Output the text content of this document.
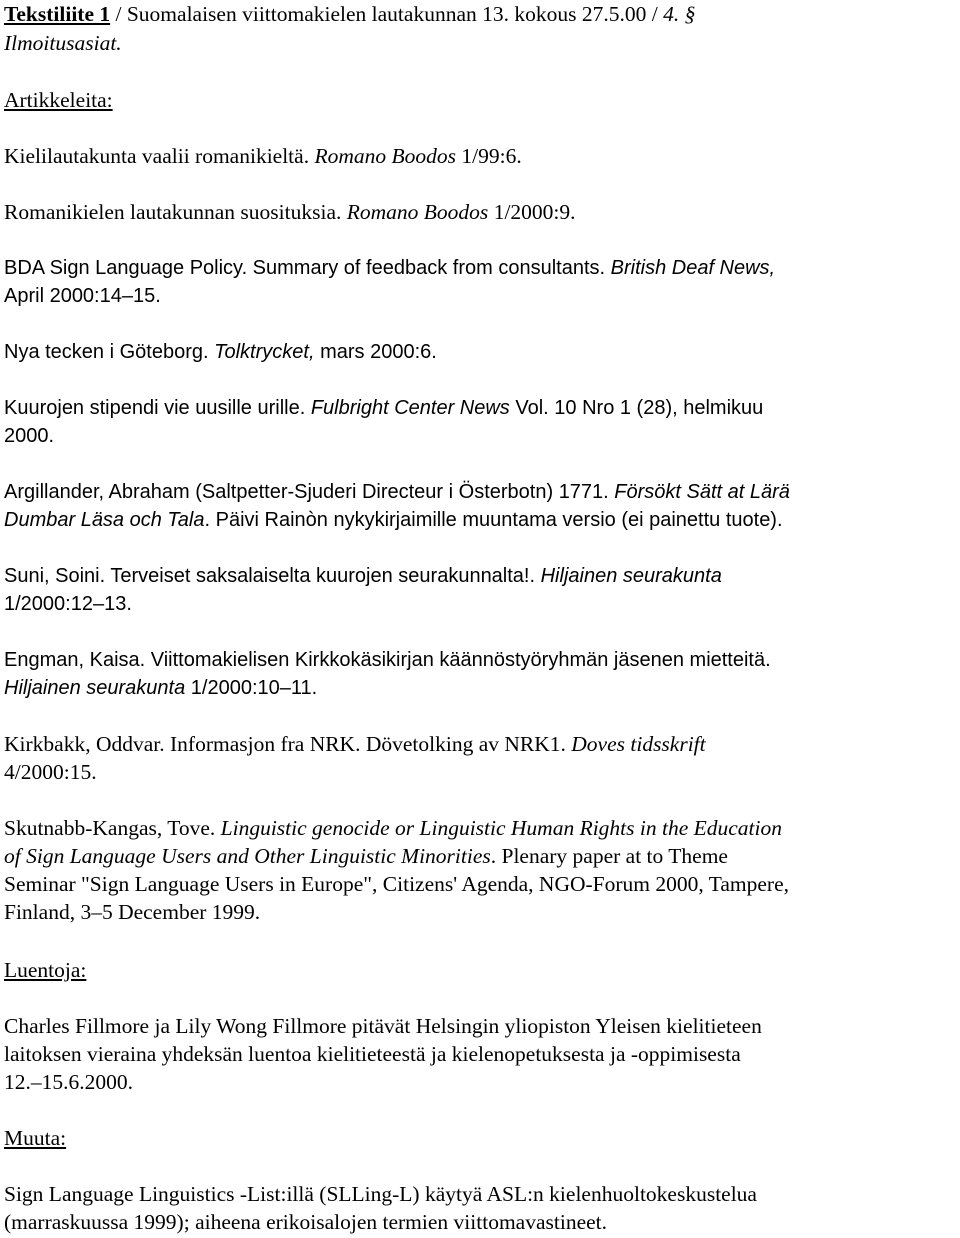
Tekstiliite 1 / Suomalaisen viittomakielen lautakunnan 13. kokous 27.5.00 / 4. §

Ilmoitusasiat.

Artikkeleita:

Kielilautakunta vaalii romanikieltä. Romano Boodos 1/99:6.

Romanikielen lautakunnan suosituksia. Romano Boodos 1/2000:9.

BDA Sign Language Policy. Summary of feedback from consultants. British Deaf News,

April 2000:14–15.

Nya tecken i Göteborg. Tolktrycket, mars 2000:6.

Kuurojen stipendi vie uusille urille. Fulbright Center News Vol. 10 Nro 1 (28), helmikuu

2000.

Argillander, Abraham (Saltpetter-Sjuderi Directeur i Österbotn) 1771. Försökt Sätt at Lärä

Dumbar Läsa och Tala. Päivi Rainòn nykykirjaimille muuntama versio (ei painettu tuote).

Suni, Soini. Terveiset saksalaiselta kuurojen seurakunnalta!. Hiljainen seurakunta

1/2000:12–13.

Engman, Kaisa. Viittomakielisen Kirkkokäsikirjan käännöstyöryhmän jäsenen mietteitä.

Hiljainen seurakunta 1/2000:10–11.

Kirkbakk, Oddvar. Informasjon fra NRK. Dövetolking av NRK1. Doves tidsskrift

4/2000:15.

Skutnabb-Kangas, Tove. Linguistic genocide or Linguistic Human Rights in the Education

of Sign Language Users and Other Linguistic Minorities. Plenary paper at to Theme

Seminar "Sign Language Users in Europe", Citizens' Agenda, NGO-Forum 2000, Tampere,

Finland, 3–5 December 1999.

Luentoja:

Charles Fillmore ja Lily Wong Fillmore pitävät Helsingin yliopiston Yleisen kielitieteen

laitoksen vieraina yhdeksän luentoa kielitieteestä ja kielenopetuksesta ja -oppimisesta

12.–15.6.2000.

Muuta:

Sign Language Linguistics -List:illä (SLLing-L) käytyä ASL:n kielenhuoltokeskustelua

(marraskuussa 1999); aiheena erikoisalojen termien viittomavastineet.
